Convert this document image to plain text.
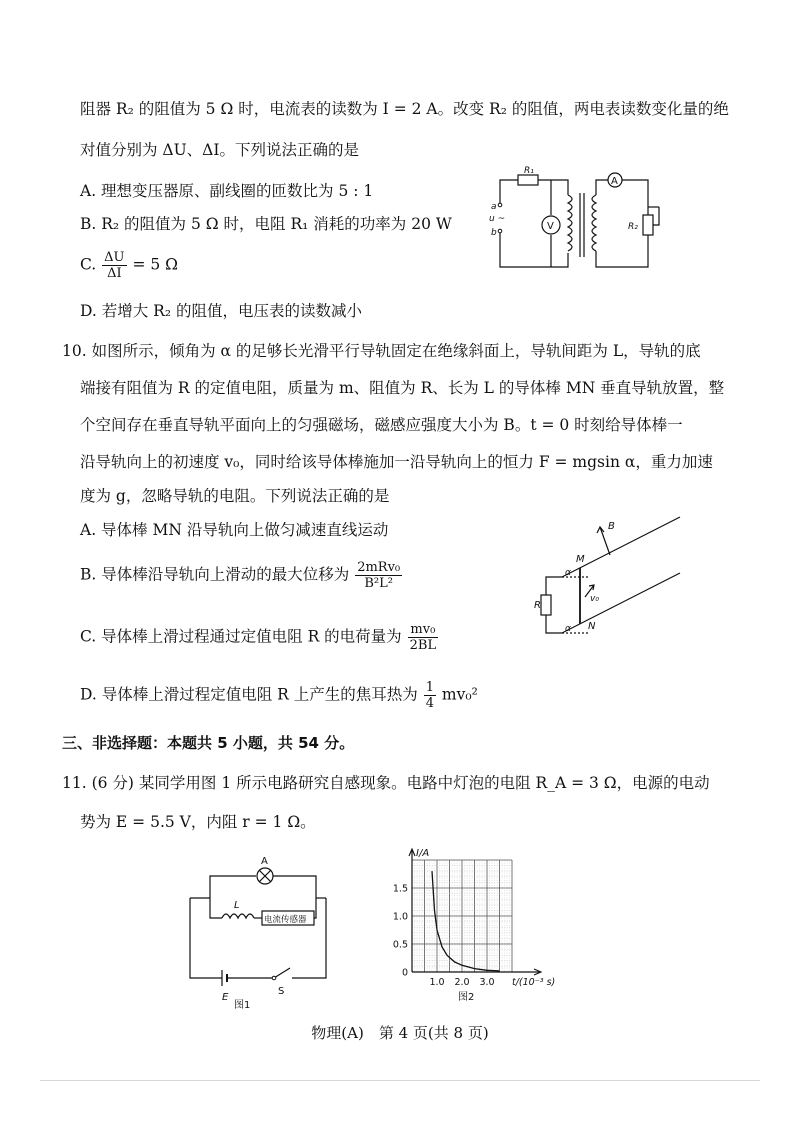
阻器 R₂ 的阻值为 5 Ω 时，电流表的读数为 I = 2 A。改变 R₂ 的阻值，两电表读数变化量的绝
对值分别为 ΔU、ΔI。下列说法正确的是
A. 理想变压器原、副线圈的匝数比为 5 : 1
B. R₂ 的阻值为 5 Ω 时，电阻 R₁ 消耗的功率为 20 W
C. $\frac{\Delta U}{\Delta I} = 5$ Ω
D. 若增大 R₂ 的阻值，电压表的读数减小
R₁
a
u ~
b
V
A
R₂
10. 如图所示，倾角为 α 的足够长光滑平行导轨固定在绝缘斜面上，导轨间距为 L，导轨的底
端接有阻值为 R 的定值电阻，质量为 m、阻值为 R、长为 L 的导体棒 MN 垂直导轨放置，整
个空间存在垂直导轨平面向上的匀强磁场，磁感应强度大小为 B。t = 0 时刻给导体棒一
沿导轨向上的初速度 v₀，同时给该导体棒施加一沿导轨向上的恒力 F = mgsin α，重力加速
度为 g，忽略导轨的电阻。下列说法正确的是
A. 导体棒 MN 沿导轨向上做匀减速直线运动
B. 导体棒沿导轨向上滑动的最大位移为 $\frac{\text{2mRv₀}}{\text{B²L²}}$
C. 导体棒上滑过程通过定值电阻 R 的电荷量为 $\frac{\text{mv₀}}{2BL}$
D. 导体棒上滑过程定值电阻 R 上产生的焦耳热为 $\frac{1}{4} mv_0^2$
M
N
R
v₀
B
α
α
三、非选择题：本题共 5 小题，共 54 分。
11. (6 分) 某同学用图 1 所示电路研究自感现象。电路中灯泡的电阻 R_A = 3 Ω，电源的电动
势为 E = 5.5 V，内阻 r = 1 Ω。
A
L
电流传感器
E
S
图1
1.5
1.0
0.5
0
1.0 2.0 3.0
I/A
t/(10⁻³ s)
图2
物理(A)　第 4 页(共 8 页)
